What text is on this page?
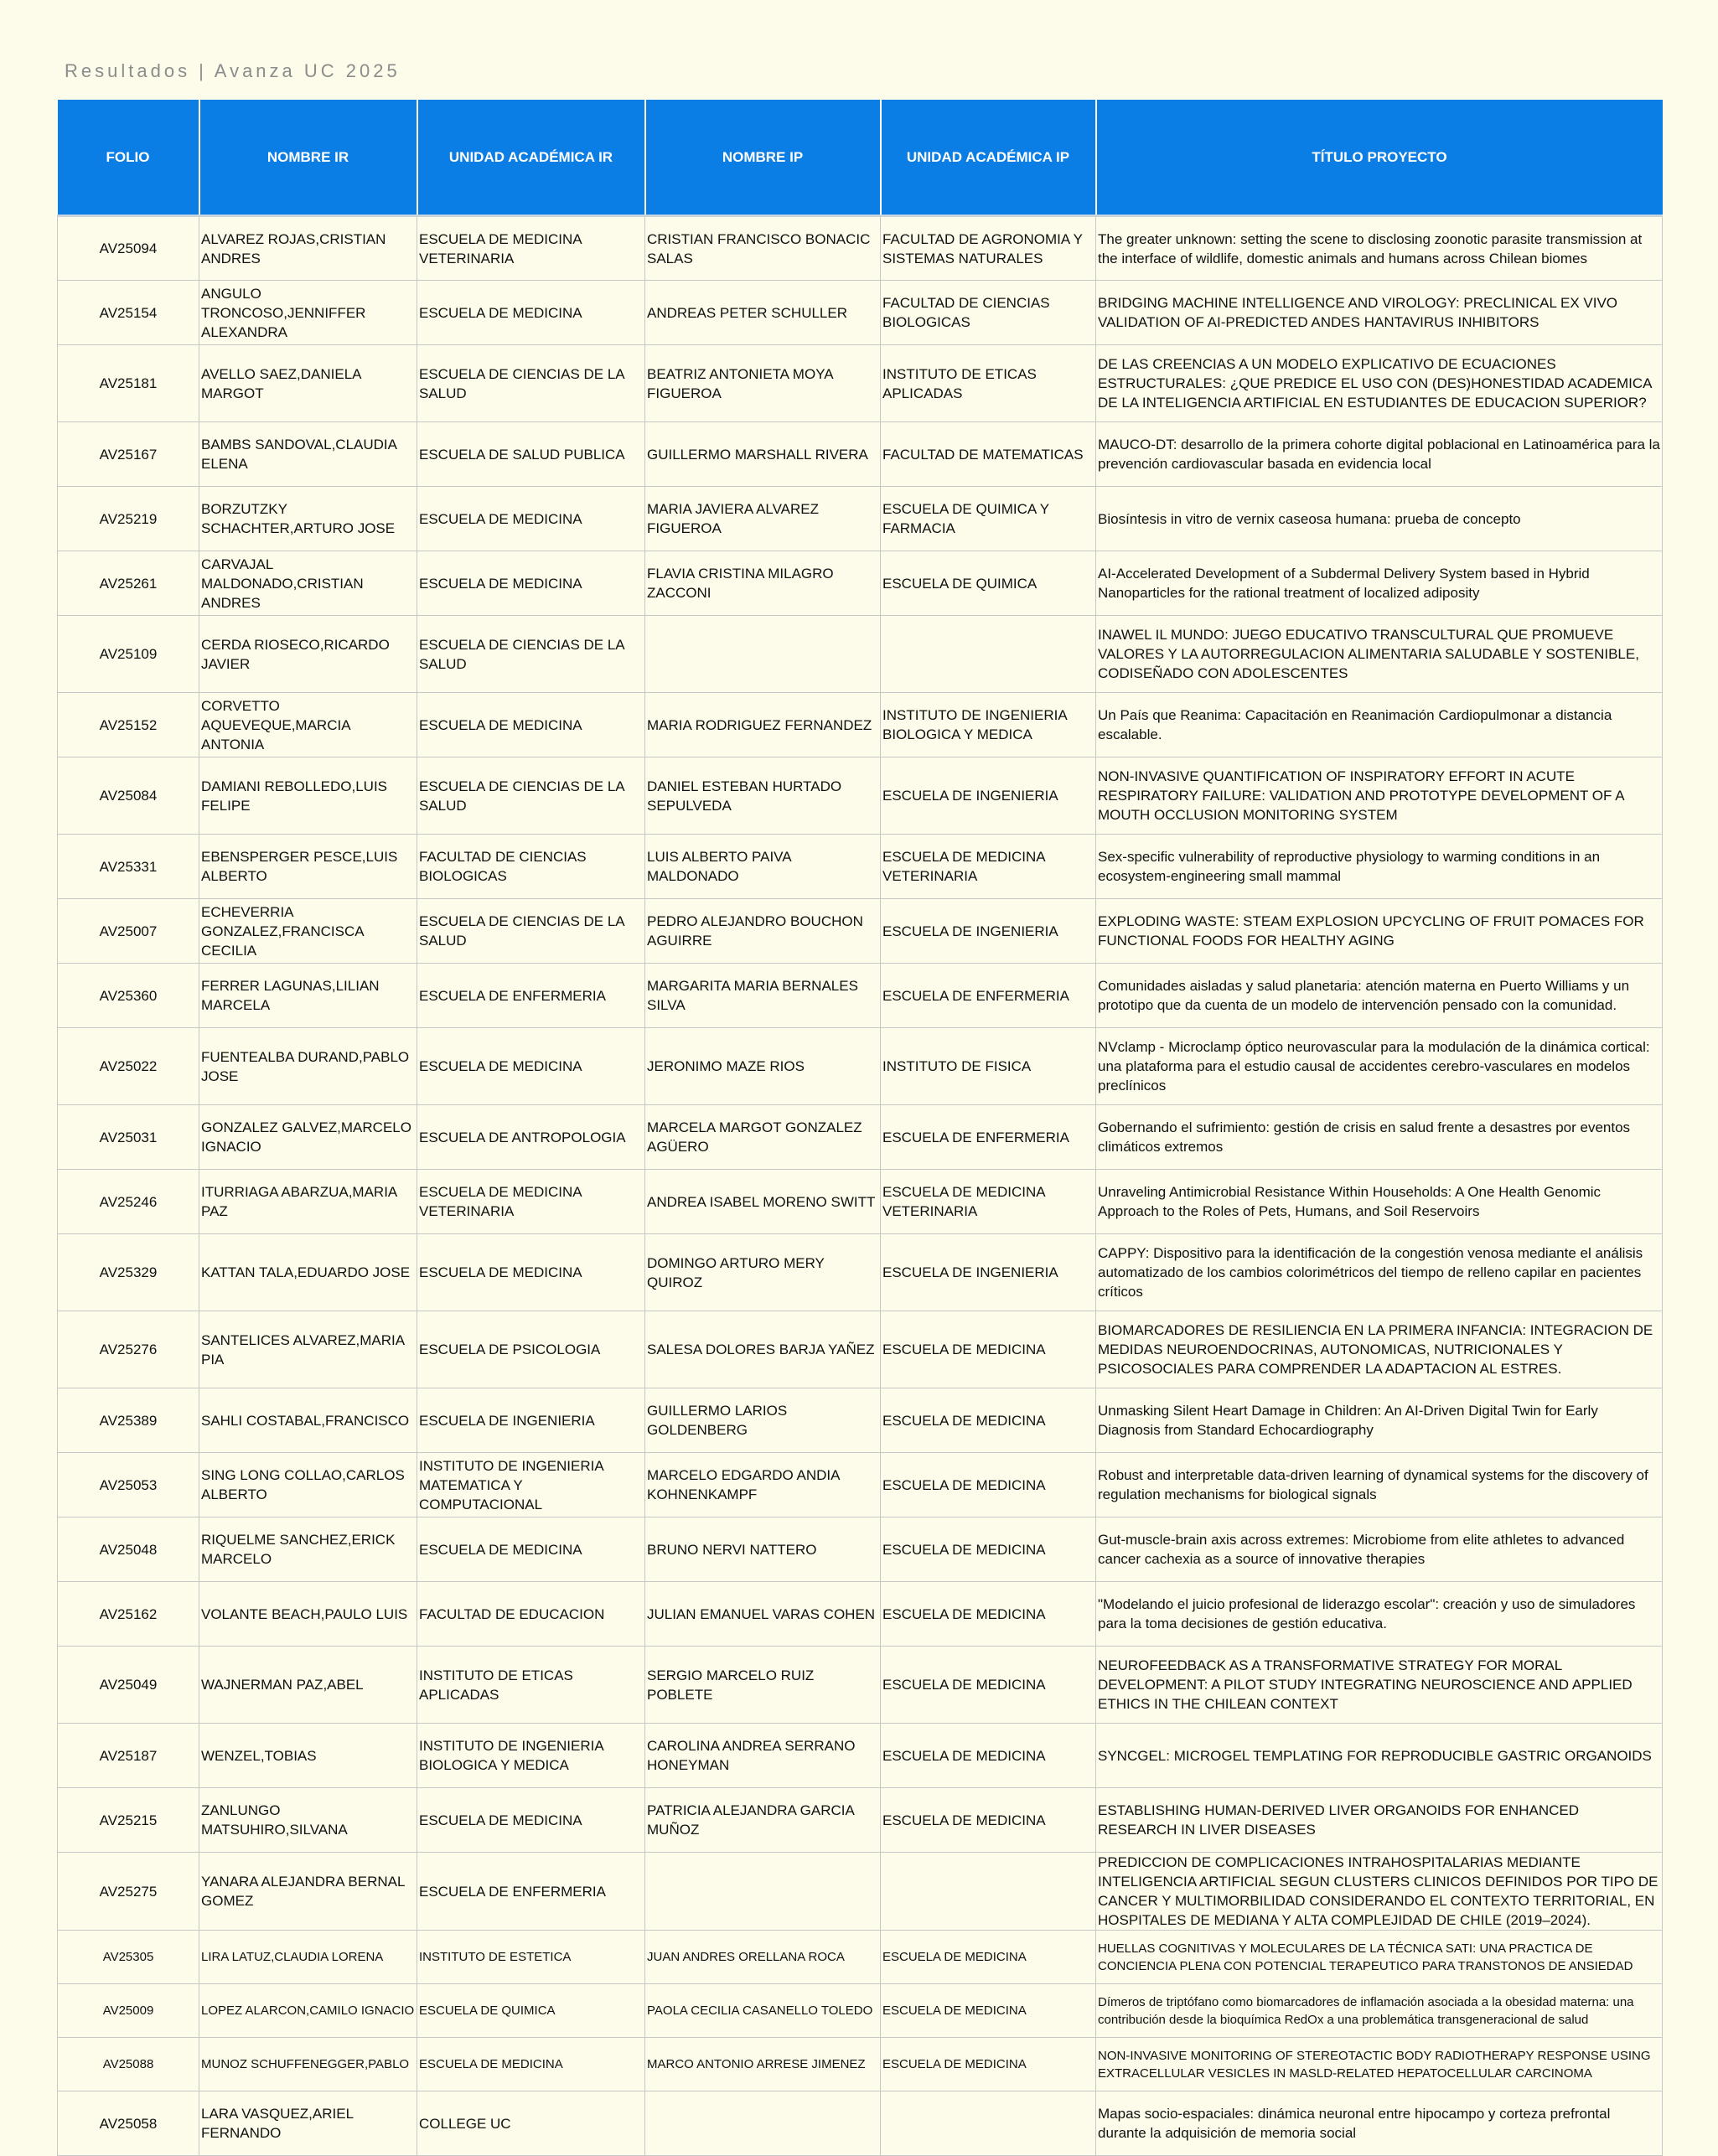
Resultados | Avanza UC 2025
FOLIO	NOMBRE IR	UNIDAD ACADÉMICA IR	NOMBRE IP	UNIDAD ACADÉMICA IP	TÍTULO PROYECTO
AV25094	ALVAREZ ROJAS,CRISTIAN ANDRES	ESCUELA DE MEDICINA VETERINARIA	CRISTIAN FRANCISCO BONACIC SALAS	FACULTAD DE AGRONOMIA Y SISTEMAS NATURALES	The greater unknown: setting the scene to disclosing zoonotic parasite transmission at the interface of wildlife, domestic animals and humans across Chilean biomes
AV25154	ANGULO TRONCOSO,JENNIFFER ALEXANDRA	ESCUELA DE MEDICINA	ANDREAS PETER SCHULLER	FACULTAD DE CIENCIAS BIOLOGICAS	BRIDGING MACHINE INTELLIGENCE AND VIROLOGY: PRECLINICAL EX VIVO VALIDATION OF AI-PREDICTED ANDES HANTAVIRUS INHIBITORS
AV25181	AVELLO SAEZ,DANIELA MARGOT	ESCUELA DE CIENCIAS DE LA SALUD	BEATRIZ ANTONIETA MOYA FIGUEROA	INSTITUTO DE ETICAS APLICADAS	DE LAS CREENCIAS A UN MODELO EXPLICATIVO DE ECUACIONES ESTRUCTURALES: ¿QUE PREDICE EL USO CON (DES)HONESTIDAD ACADEMICA DE LA INTELIGENCIA ARTIFICIAL EN ESTUDIANTES DE EDUCACION SUPERIOR?
AV25167	BAMBS SANDOVAL,CLAUDIA ELENA	ESCUELA DE SALUD PUBLICA	GUILLERMO MARSHALL RIVERA	FACULTAD DE MATEMATICAS	MAUCO-DT: desarrollo de la primera cohorte digital poblacional en Latinoamérica para la prevención cardiovascular basada en evidencia local
AV25219	BORZUTZKY SCHACHTER,ARTURO JOSE	ESCUELA DE MEDICINA	MARIA JAVIERA ALVAREZ FIGUEROA	ESCUELA DE QUIMICA Y FARMACIA	Biosíntesis in vitro de vernix caseosa humana: prueba de concepto
AV25261	CARVAJAL MALDONADO,CRISTIAN ANDRES	ESCUELA DE MEDICINA	FLAVIA CRISTINA MILAGRO ZACCONI	ESCUELA DE QUIMICA	AI-Accelerated Development of a Subdermal Delivery System based in Hybrid Nanoparticles for the rational treatment of localized adiposity
AV25109	CERDA RIOSECO,RICARDO JAVIER	ESCUELA DE CIENCIAS DE LA SALUD			INAWEL IL MUNDO: JUEGO EDUCATIVO TRANSCULTURAL QUE PROMUEVE VALORES Y LA AUTORREGULACION ALIMENTARIA SALUDABLE Y SOSTENIBLE, CODISEÑADO CON ADOLESCENTES
AV25152	CORVETTO AQUEVEQUE,MARCIA ANTONIA	ESCUELA DE MEDICINA	MARIA RODRIGUEZ FERNANDEZ	INSTITUTO DE INGENIERIA BIOLOGICA Y MEDICA	Un País que Reanima: Capacitación en Reanimación Cardiopulmonar a distancia escalable.
AV25084	DAMIANI REBOLLEDO,LUIS FELIPE	ESCUELA DE CIENCIAS DE LA SALUD	DANIEL ESTEBAN HURTADO SEPULVEDA	ESCUELA DE INGENIERIA	NON-INVASIVE QUANTIFICATION OF INSPIRATORY EFFORT IN ACUTE RESPIRATORY FAILURE: VALIDATION AND PROTOTYPE DEVELOPMENT OF A MOUTH OCCLUSION MONITORING SYSTEM
AV25331	EBENSPERGER PESCE,LUIS ALBERTO	FACULTAD DE CIENCIAS BIOLOGICAS	LUIS ALBERTO PAIVA MALDONADO	ESCUELA DE MEDICINA VETERINARIA	Sex-specific vulnerability of reproductive physiology to warming conditions in an ecosystem-engineering small mammal
AV25007	ECHEVERRIA GONZALEZ,FRANCISCA CECILIA	ESCUELA DE CIENCIAS DE LA SALUD	PEDRO ALEJANDRO BOUCHON AGUIRRE	ESCUELA DE INGENIERIA	EXPLODING WASTE: STEAM EXPLOSION UPCYCLING OF FRUIT POMACES FOR FUNCTIONAL FOODS FOR HEALTHY AGING
AV25360	FERRER LAGUNAS,LILIAN MARCELA	ESCUELA DE ENFERMERIA	MARGARITA MARIA BERNALES SILVA	ESCUELA DE ENFERMERIA	Comunidades aisladas y salud planetaria: atención materna en Puerto Williams y un prototipo que da cuenta de un modelo de intervención pensado con la comunidad.
AV25022	FUENTEALBA DURAND,PABLO JOSE	ESCUELA DE MEDICINA	JERONIMO MAZE RIOS	INSTITUTO DE FISICA	NVclamp - Microclamp óptico neurovascular para la modulación de la dinámica cortical: una plataforma para el estudio causal de accidentes cerebro-vasculares en modelos preclínicos
AV25031	GONZALEZ GALVEZ,MARCELO IGNACIO	ESCUELA DE ANTROPOLOGIA	MARCELA MARGOT GONZALEZ AGÜERO	ESCUELA DE ENFERMERIA	Gobernando el sufrimiento: gestión de crisis en salud frente a desastres por eventos climáticos extremos
AV25246	ITURRIAGA ABARZUA,MARIA PAZ	ESCUELA DE MEDICINA VETERINARIA	ANDREA ISABEL MORENO SWITT	ESCUELA DE MEDICINA VETERINARIA	Unraveling Antimicrobial Resistance Within Households: A One Health Genomic Approach to the Roles of Pets, Humans, and Soil Reservoirs
AV25329	KATTAN TALA,EDUARDO JOSE	ESCUELA DE MEDICINA	DOMINGO ARTURO MERY QUIROZ	ESCUELA DE INGENIERIA	CAPPY: Dispositivo para la identificación de la congestión venosa mediante el análisis automatizado de los cambios colorimétricos del tiempo de relleno capilar en pacientes críticos
AV25276	SANTELICES ALVAREZ,MARIA PIA	ESCUELA DE PSICOLOGIA	SALESA DOLORES BARJA YAÑEZ	ESCUELA DE MEDICINA	BIOMARCADORES DE RESILIENCIA EN LA PRIMERA INFANCIA: INTEGRACION DE MEDIDAS NEUROENDOCRINAS, AUTONOMICAS, NUTRICIONALES Y PSICOSOCIALES PARA COMPRENDER LA ADAPTACION AL ESTRES.
AV25389	SAHLI COSTABAL,FRANCISCO	ESCUELA DE INGENIERIA	GUILLERMO LARIOS GOLDENBERG	ESCUELA DE MEDICINA	Unmasking Silent Heart Damage in Children: An AI-Driven Digital Twin for Early Diagnosis from Standard Echocardiography
AV25053	SING LONG COLLAO,CARLOS ALBERTO	INSTITUTO DE INGENIERIA MATEMATICA Y COMPUTACIONAL	MARCELO EDGARDO ANDIA KOHNENKAMPF	ESCUELA DE MEDICINA	Robust and interpretable data-driven learning of dynamical systems for the discovery of regulation mechanisms for biological signals
AV25048	RIQUELME SANCHEZ,ERICK MARCELO	ESCUELA DE MEDICINA	BRUNO NERVI NATTERO	ESCUELA DE MEDICINA	Gut-muscle-brain axis across extremes: Microbiome from elite athletes to advanced cancer cachexia as a source of innovative therapies
AV25162	VOLANTE BEACH,PAULO LUIS	FACULTAD DE EDUCACION	JULIAN EMANUEL VARAS COHEN	ESCUELA DE MEDICINA	"Modelando el juicio profesional de liderazgo escolar": creación y uso de simuladores para la toma decisiones de gestión educativa.
AV25049	WAJNERMAN PAZ,ABEL	INSTITUTO DE ETICAS APLICADAS	SERGIO MARCELO RUIZ POBLETE	ESCUELA DE MEDICINA	NEUROFEEDBACK AS A TRANSFORMATIVE STRATEGY FOR MORAL DEVELOPMENT: A PILOT STUDY INTEGRATING NEUROSCIENCE AND APPLIED ETHICS IN THE CHILEAN CONTEXT
AV25187	WENZEL,TOBIAS	INSTITUTO DE INGENIERIA BIOLOGICA Y MEDICA	CAROLINA ANDREA SERRANO HONEYMAN	ESCUELA DE MEDICINA	SYNCGEL: MICROGEL TEMPLATING FOR REPRODUCIBLE GASTRIC ORGANOIDS
AV25215	ZANLUNGO MATSUHIRO,SILVANA	ESCUELA DE MEDICINA	PATRICIA ALEJANDRA GARCIA MUÑOZ	ESCUELA DE MEDICINA	ESTABLISHING HUMAN-DERIVED LIVER ORGANOIDS FOR ENHANCED RESEARCH IN LIVER DISEASES
AV25275	YANARA ALEJANDRA BERNAL GOMEZ	ESCUELA DE ENFERMERIA			PREDICCION DE COMPLICACIONES INTRAHOSPITALARIAS MEDIANTE INTELIGENCIA ARTIFICIAL SEGUN CLUSTERS CLINICOS DEFINIDOS POR TIPO DE CANCER Y MULTIMORBILIDAD CONSIDERANDO EL CONTEXTO TERRITORIAL, EN HOSPITALES DE MEDIANA Y ALTA COMPLEJIDAD DE CHILE (2019–2024).
AV25305	LIRA LATUZ,CLAUDIA LORENA	INSTITUTO DE ESTETICA	JUAN ANDRES ORELLANA ROCA	ESCUELA DE MEDICINA	HUELLAS COGNITIVAS Y MOLECULARES DE LA TÉCNICA SATI: UNA PRACTICA DE CONCIENCIA PLENA CON POTENCIAL TERAPEUTICO PARA TRANSTONOS DE ANSIEDAD
AV25009	LOPEZ ALARCON,CAMILO IGNACIO	ESCUELA DE QUIMICA	PAOLA CECILIA CASANELLO TOLEDO	ESCUELA DE MEDICINA	Dímeros de triptófano como biomarcadores de inflamación asociada a la obesidad materna: una contribución desde la bioquímica RedOx a una problemática transgeneracional de salud
AV25088	MUNOZ SCHUFFENEGGER,PABLO	ESCUELA DE MEDICINA	MARCO ANTONIO ARRESE JIMENEZ	ESCUELA DE MEDICINA	NON-INVASIVE MONITORING OF STEREOTACTIC BODY RADIOTHERAPY RESPONSE USING EXTRACELLULAR VESICLES IN MASLD-RELATED HEPATOCELLULAR CARCINOMA
AV25058	LARA VASQUEZ,ARIEL FERNANDO	COLLEGE UC			Mapas socio-espaciales: dinámica neuronal entre hipocampo y corteza prefrontal durante la adquisición de memoria social
